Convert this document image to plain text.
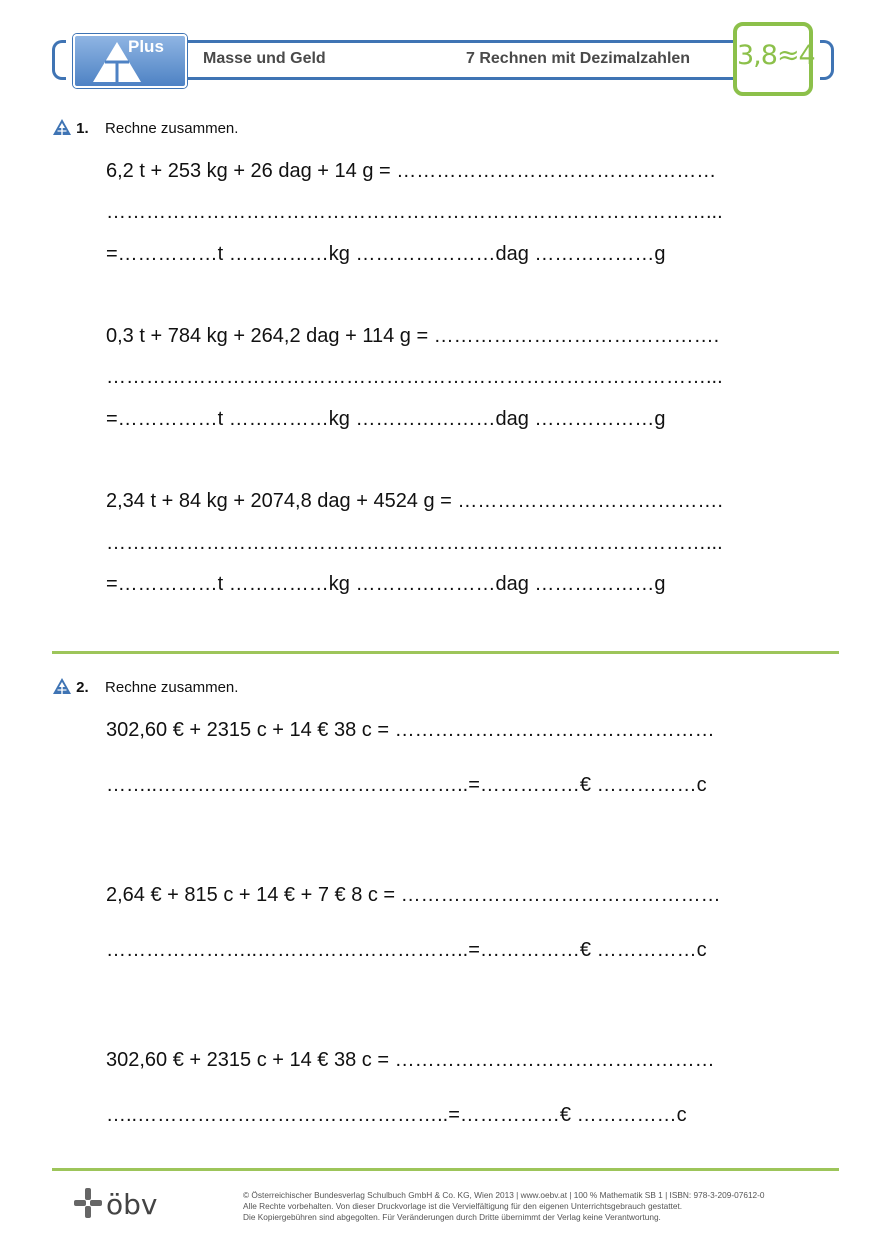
Plus
Masse und Geld	7 Rechnen mit Dezimalzahlen 3,8≈4
1. Rechne zusammen.
6,2 t + 253 kg + 26 dag + 14 g = …………………………………………
………………………………………………………………………………...
=……………t ……………kg …………………dag ………………g
0,3 t + 784 kg + 264,2 dag + 114 g = …………………………………….
………………………………………………………………………………...
=……………t ……………kg …………………dag ………………g
2,34 t + 84 kg + 2074,8 dag + 4524 g = ………………………………….
………………………………………………………………………………...
=……………t ……………kg …………………dag ………………g
2. Rechne zusammen.
302,60 € + 2315 c + 14 € 38 c = …………………………………………
……..………………………………………..=……………€ ……………c
2,64 € + 815 c + 14 € + 7 € 8 c = …………………………………………
…………………..…………………………..=……………€ ……………c
302,60 € + 2315 c + 14 € 38 c = …………………………………………
…..………………………………………..=……………€ ……………c
öbv	© Österreichischer Bundesverlag Schulbuch GmbH & Co. KG, Wien 2013 | www.oebv.at | 100 % Mathematik SB 1 | ISBN: 978-3-209-07612-0
Alle Rechte vorbehalten. Von dieser Druckvorlage ist die Vervielfältigung für den eigenen Unterrichtsgebrauch gestattet.
Die Kopiergebühren sind abgegolten. Für Veränderungen durch Dritte übernimmt der Verlag keine Verantwortung.
